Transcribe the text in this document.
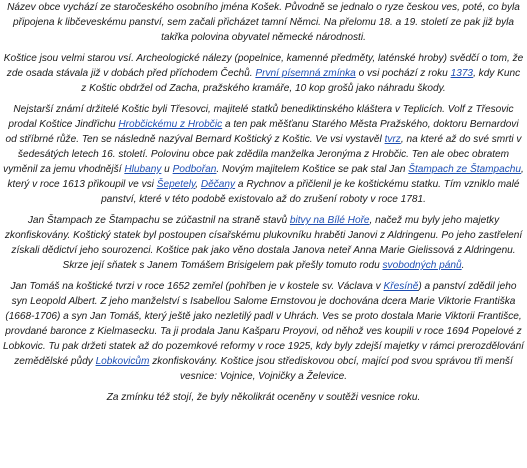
Název obce vychází ze staročeského osobního jména Košek. Původně se jednalo o ryze českou ves, poté, co byla připojena k libčeveskému panství, sem začali přicházet tamní Němci. Na přelomu 18. a 19. století ze pak již byla takřka polovina obyvatel německé národnosti.

Koštice jsou velmi starou vsí. Archeologické nálezy (popelnice, kamenné předměty, laténské hroby) svědčí o tom, že zde osada stávala již v dobách před příchodem Čechů. První písemná zmínka o vsi pochází z roku 1373, kdy Kunc z Koštic obdržel od Zacha, pražského kramáře, 10 kop grošů jako náhradu škody.

Nejstarší známí držitelé Koštic byli Třesovci, majitelé statků benediktinského kláštera v Teplicích. Volf z Třesovic prodal Koštice Jindřichu Hrobčickému z Hrobčic a ten pak měšťanu Starého Města Pražského, doktoru Bernardovi od stříbrné růže. Ten se následně nazýval Bernard Koštický z Koštic. Ve vsi vystavěl tvrz, na které až do své smrti v šedesátých letech 16. století. Polovinu obce pak zdědila manželka Jeronýma z Hrobčic. Ten ale obec obratem vyměnil za jemu vhodnější Hlubany u Podbořan. Novým majitelem Koštice se pak stal Jan Štampach ze Štampachu, který v roce 1613 přikoupil ve vsi Šepetely, Děčany a Rychnov a přičlenil je ke koštickému statku. Tím vzniklo malé panství, které v této podobě existovalo až do zrušení roboty v roce 1781.

Jan Štampach ze Štampachu se zúčastnil na straně stavů bitvy na Bílé Hoře, načež mu byly jeho majetky zkonfiskovány. Koštický statek byl postoupen císařskému plukovníku hraběti Janovi z Aldringenu. Po jeho zastřelení získali dědictví jeho sourozenci. Koštice pak jako věno dostala Janova neteř Anna Marie Gielissová z Aldringenu. Skrze její sňatek s Janem Tomášem Brisigelem pak přešly tomuto rodu svobodných pánů.

Jan Tomáš na koštické tvrzi v roce 1652 zemřel (pohřben je v kostele sv. Václava v Křesíně) a panství zdědil jeho syn Leopold Albert. Z jeho manželství s Isabellou Salome Ernstovou je dochována dcera Marie Viktorie Františka (1668-1706) a syn Jan Tomáš, který ještě jako nezletilý padl v Uhrách. Ves se proto dostala Marie Viktorii Františce, provdané baronce z Kielmasecku. Ta ji prodala Janu Kašparu Proyovi, od něhož ves koupili v roce 1694 Popelové z Lobkovic. Tu pak držeti statek až do pozemkové reformy v roce 1925, kdy byly zdejší majetky v rámci prerozdělování zemědělské půdy Lobkovicům zkonfiskovány. Koštice jsou střediskovou obcí, mající pod svou správou tři menší vesnice: Vojnice, Vojničky a Želevice.

Za zmínku též stojí, že byly několikrát oceněny v soutěži vesnice roku.
